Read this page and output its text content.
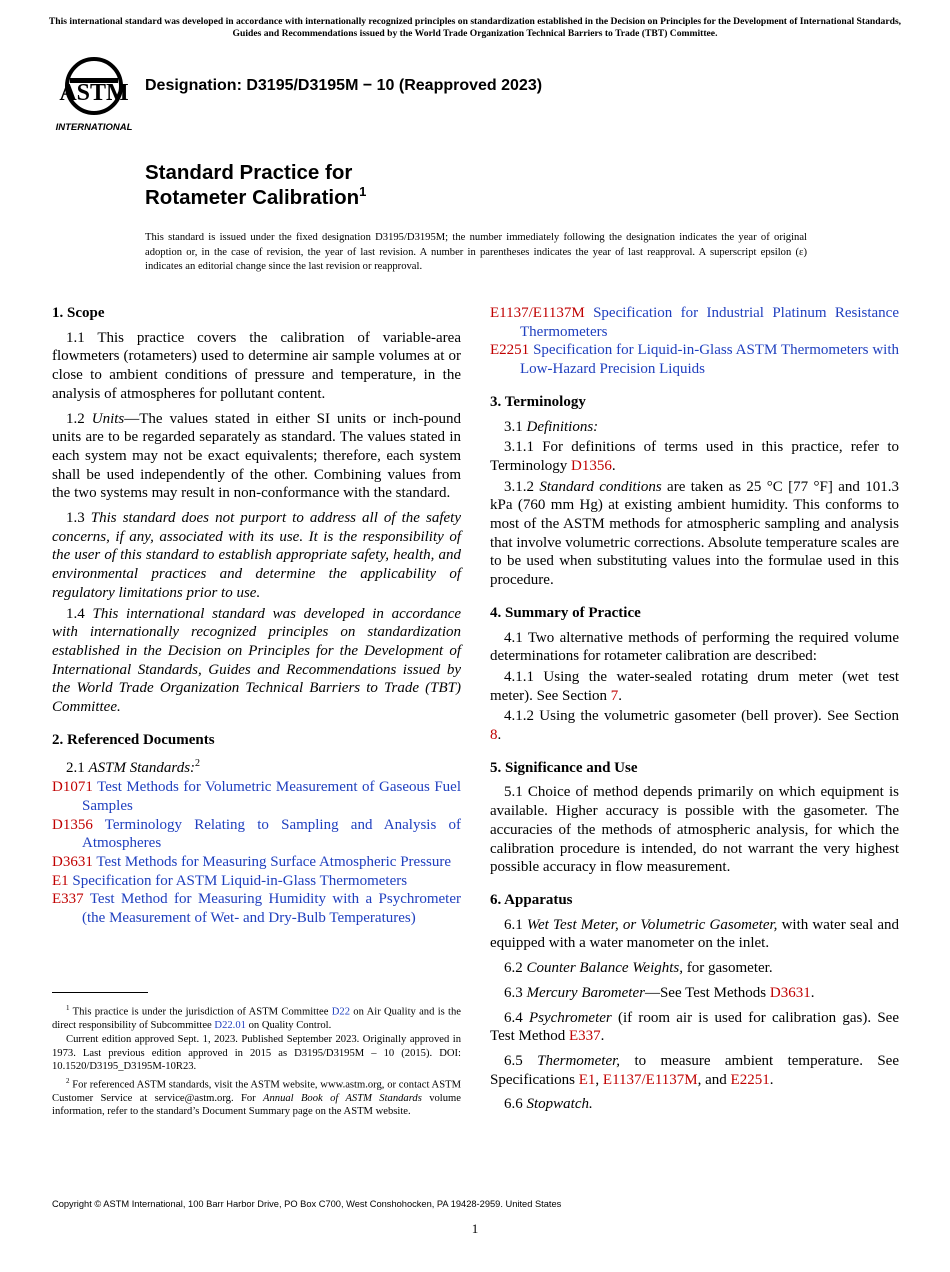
This international standard was developed in accordance with internationally recognized principles on standardization established in the Decision on Principles for the Development of International Standards, Guides and Recommendations issued by the World Trade Organization Technical Barriers to Trade (TBT) Committee.
ASTM
INTERNATIONAL
Designation: D3195/D3195M − 10 (Reapproved 2023)
Standard Practice for
Rotameter Calibration$^1$
This standard is issued under the fixed designation D3195/D3195M; the number immediately following the designation indicates the year of original adoption or, in the case of revision, the year of last revision. A number in parentheses indicates the year of last reapproval. A superscript epsilon (ε) indicates an editorial change since the last revision or reapproval.
1. Scope

1.1 This practice covers the calibration of variable-area flowmeters (rotameters) used to determine air sample volumes at or close to ambient conditions of pressure and temperature, in the analysis of atmospheres for pollutant content.

1.2 Units—The values stated in either SI units or inch-pound units are to be regarded separately as standard. The values stated in each system may not be exact equivalents; therefore, each system shall be used independently of the other. Combining values from the two systems may result in non-conformance with the standard.

1.3 This standard does not purport to address all of the safety concerns, if any, associated with its use. It is the responsibility of the user of this standard to establish appropriate safety, health, and environmental practices and determine the applicability of regulatory limitations prior to use.

1.4 This international standard was developed in accordance with internationally recognized principles on standardization established in the Decision on Principles for the Development of International Standards, Guides and Recommendations issued by the World Trade Organization Technical Barriers to Trade (TBT) Committee.

2. Referenced Documents

2.1 ASTM Standards:$^2$

D1071 Test Methods for Volumetric Measurement of Gaseous Fuel Samples
D1356 Terminology Relating to Sampling and Analysis of Atmospheres
D3631 Test Methods for Measuring Surface Atmospheric Pressure
E1 Specification for ASTM Liquid-in-Glass Thermometers
E337 Test Method for Measuring Humidity with a Psychrometer (the Measurement of Wet- and Dry-Bulb Temperatures)

$^1$ This practice is under the jurisdiction of ASTM Committee D22 on Air Quality and is the direct responsibility of Subcommittee D22.01 on Quality Control.

Current edition approved Sept. 1, 2023. Published September 2023. Originally approved in 1973. Last previous edition approved in 2015 as D3195/D3195M – 10 (2015). DOI: 10.1520/D3195_D3195M-10R23.

$^2$ For referenced ASTM standards, visit the ASTM website, www.astm.org, or contact ASTM Customer Service at service@astm.org. For Annual Book of ASTM Standards volume information, refer to the standard’s Document Summary page on the ASTM website.

E1137/E1137M Specification for Industrial Platinum Resistance Thermometers
E2251 Specification for Liquid-in-Glass ASTM Thermometers with Low-Hazard Precision Liquids
3. Terminology

3.1 Definitions:

3.1.1 For definitions of terms used in this practice, refer to Terminology D1356.

3.1.2 Standard conditions are taken as 25 °C [77 °F] and 101.3 kPa (760 mm Hg) at existing ambient humidity. This conforms to most of the ASTM methods for atmospheric sampling and analysis that involve volumetric corrections. Absolute temperature scales are to be used when substituting values into the formulae used in this procedure.

4. Summary of Practice

4.1 Two alternative methods of performing the required volume determinations for rotameter calibration are described:

4.1.1 Using the water-sealed rotating drum meter (wet test meter). See Section 7.

4.1.2 Using the volumetric gasometer (bell prover). See Section 8.

5. Significance and Use

5.1 Choice of method depends primarily on which equipment is available. Higher accuracy is possible with the gasometer. The accuracies of the methods of atmospheric analysis, for which the calibration procedure is intended, do not warrant the very highest possible accuracy in flow measurement.

6. Apparatus

6.1 Wet Test Meter, or Volumetric Gasometer, with water seal and equipped with a water manometer on the inlet.

6.2 Counter Balance Weights, for gasometer.

6.3 Mercury Barometer—See Test Methods D3631.

6.4 Psychrometer (if room air is used for calibration gas). See Test Method E337.

6.5 Thermometer, to measure ambient temperature. See Specifications E1, E1137/E1137M, and E2251.

6.6 Stopwatch.

Copyright © ASTM International, 100 Barr Harbor Drive, PO Box C700, West Conshohocken, PA 19428-2959. United States
1
